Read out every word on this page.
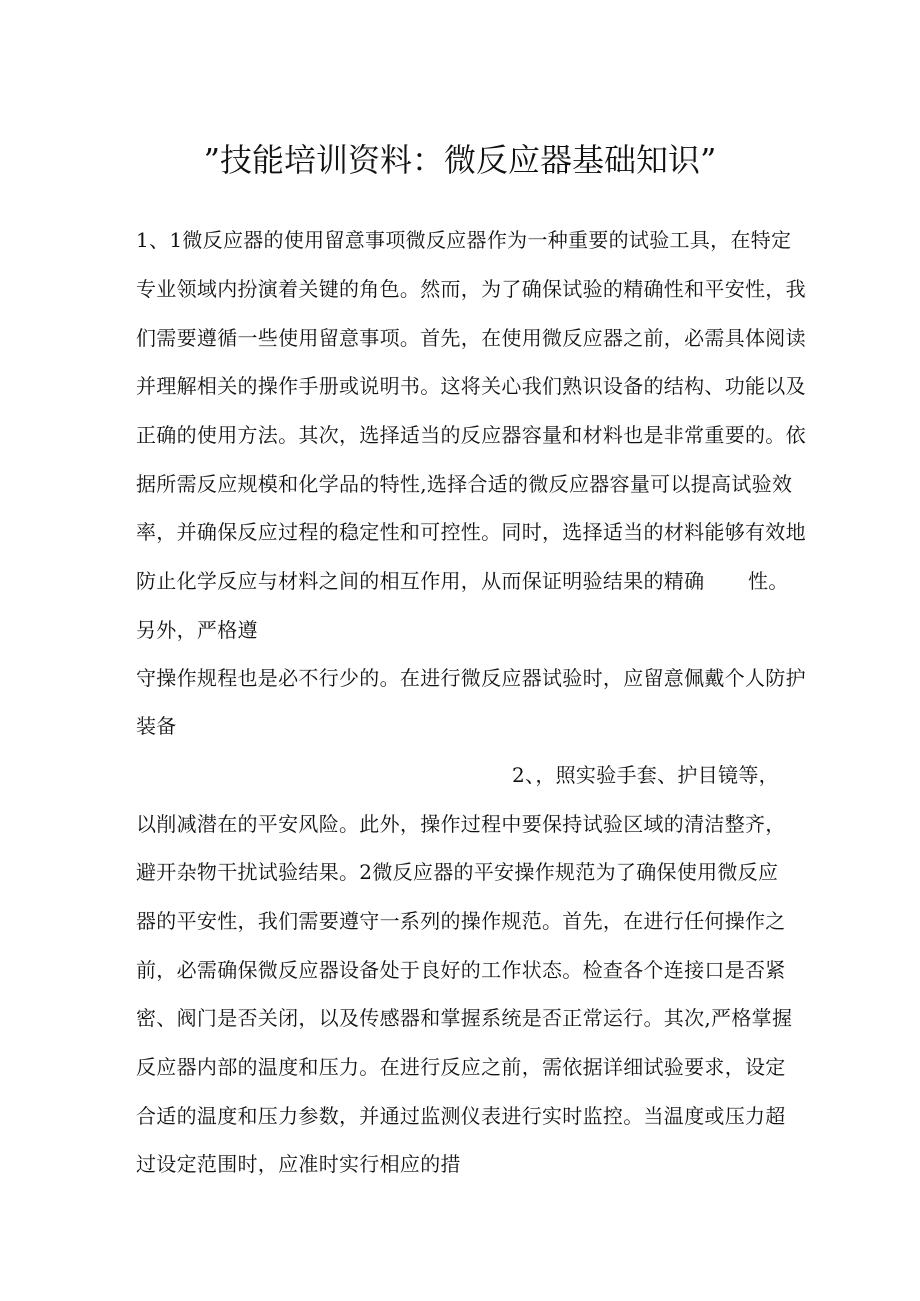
”技能培训资料：微反应器基础知识”
1、1微反应器的使用留意事项微反应器作为一种重要的试验工具，在特定
专业领域内扮演着关键的角色。然而，为了确保试验的精确性和平安性，我
们需要遵循一些使用留意事项。首先，在使用微反应器之前，必需具体阅读
并理解相关的操作手册或说明书。这将关心我们熟识设备的结构、功能以及
正确的使用方法。其次，选择适当的反应器容量和材料也是非常重要的。依
据所需反应规模和化学品的特性,选择合适的微反应器容量可以提高试验效
率，并确保反应过程的稳定性和可控性。同时，选择适当的材料能够有效地
防止化学反应与材料之间的相互作用，从而保证明验结果的精确 性。
另外，严格遵
守操作规程也是必不行少的。在进行微反应器试验时，应留意佩戴个人防护
装备
2、，照实验手套、护目镜等，
以削减潜在的平安风险。此外，操作过程中要保持试验区域的清洁整齐，
避开杂物干扰试验结果。2微反应器的平安操作规范为了确保使用微反应
器的平安性，我们需要遵守一系列的操作规范。首先，在进行任何操作之
前，必需确保微反应器设备处于良好的工作状态。检查各个连接口是否紧
密、阀门是否关闭，以及传感器和掌握系统是否正常运行。其次,严格掌握
反应器内部的温度和压力。在进行反应之前，需依据详细试验要求，设定
合适的温度和压力参数，并通过监测仪表进行实时监控。当温度或压力超
过设定范围时，应准时实行相应的措
